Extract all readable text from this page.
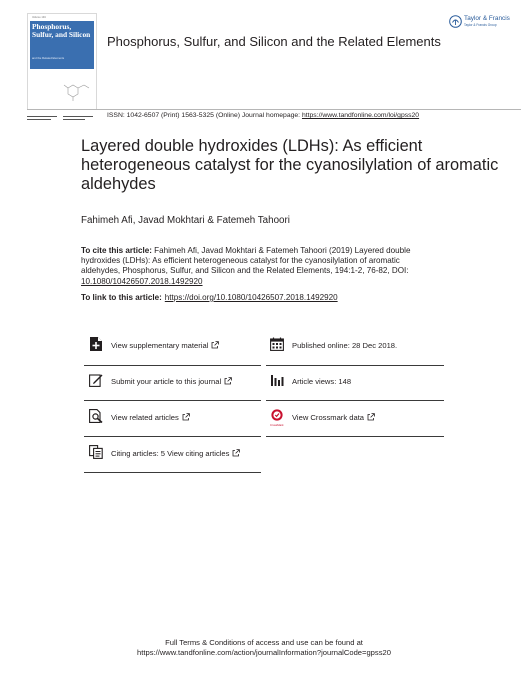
Volume 194
Phosphorus, Sulfur, and Silicon
and the Related Elements
Taylor & Francis
Taylor & Francis Group
Phosphorus, Sulfur, and Silicon and the Related Elements
ISSN: 1042-6507 (Print) 1563-5325 (Online) Journal homepage: https://www.tandfonline.com/loi/gpss20
Layered double hydroxides (LDHs): As efficient heterogeneous catalyst for the cyanosilylation of aromatic aldehydes
Fahimeh Afi, Javad Mokhtari & Fatemeh Tahoori
To cite this article: Fahimeh Afi, Javad Mokhtari & Fatemeh Tahoori (2019) Layered double hydroxides (LDHs): As efficient heterogeneous catalyst for the cyanosilylation of aromatic aldehydes, Phosphorus, Sulfur, and Silicon and the Related Elements, 194:1-2, 76-82, DOI: 10.1080/10426507.2018.1492920
To link to this article: https://doi.org/10.1080/10426507.2018.1492920
View supplementary material	Published online: 28 Dec 2018.
Submit your article to this journal	Article views: 148
View related articles
CrossMark
View Crossmark data
Citing articles: 5 View citing articles
Full Terms & Conditions of access and use can be found at
https://www.tandfonline.com/action/journalInformation?journalCode=gpss20
